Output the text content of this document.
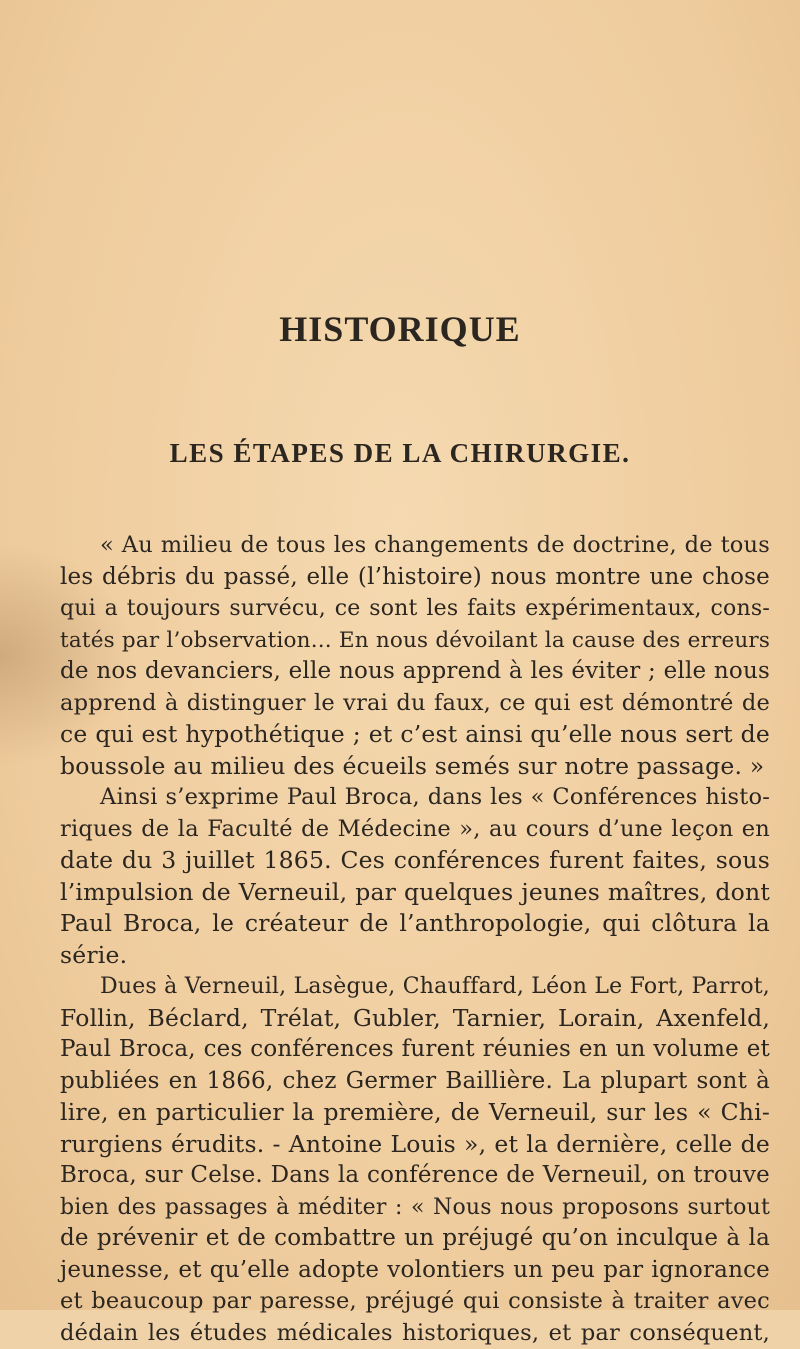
HISTORIQUE
LES ÉTAPES DE LA CHIRURGIE.
« Au milieu de tous les changements de doctrine, de tous
les débris du passé, elle (l’histoire) nous montre une chose
qui a toujours survécu, ce sont les faits expérimentaux, cons-
tatés par l’observation... En nous dévoilant la cause des erreurs
de nos devanciers, elle nous apprend à les éviter ; elle nous
apprend à distinguer le vrai du faux, ce qui est démontré de
ce qui est hypothétique ; et c’est ainsi qu’elle nous sert de
boussole au milieu des écueils semés sur notre passage. »
Ainsi s’exprime Paul Broca, dans les « Conférences histo-
riques de la Faculté de Médecine », au cours d’une leçon en
date du 3 juillet 1865. Ces conférences furent faites, sous
l’impulsion de Verneuil, par quelques jeunes maîtres, dont
Paul Broca, le créateur de l’anthropologie, qui clôtura la
série.
Dues à Verneuil, Lasègue, Chauffard, Léon Le Fort, Parrot,
Follin, Béclard, Trélat, Gubler, Tarnier, Lorain, Axenfeld,
Paul Broca, ces conférences furent réunies en un volume et
publiées en 1866, chez Germer Baillière. La plupart sont à
lire, en particulier la première, de Verneuil, sur les « Chi-
rurgiens érudits. - Antoine Louis », et la dernière, celle de
Broca, sur Celse. Dans la conférence de Verneuil, on trouve
bien des passages à méditer : « Nous nous proposons surtout
de prévenir et de combattre un préjugé qu’on inculque à la
jeunesse, et qu’elle adopte volontiers un peu par ignorance
et beaucoup par paresse, préjugé qui consiste à traiter avec
dédain les études médicales historiques, et par conséquent,
